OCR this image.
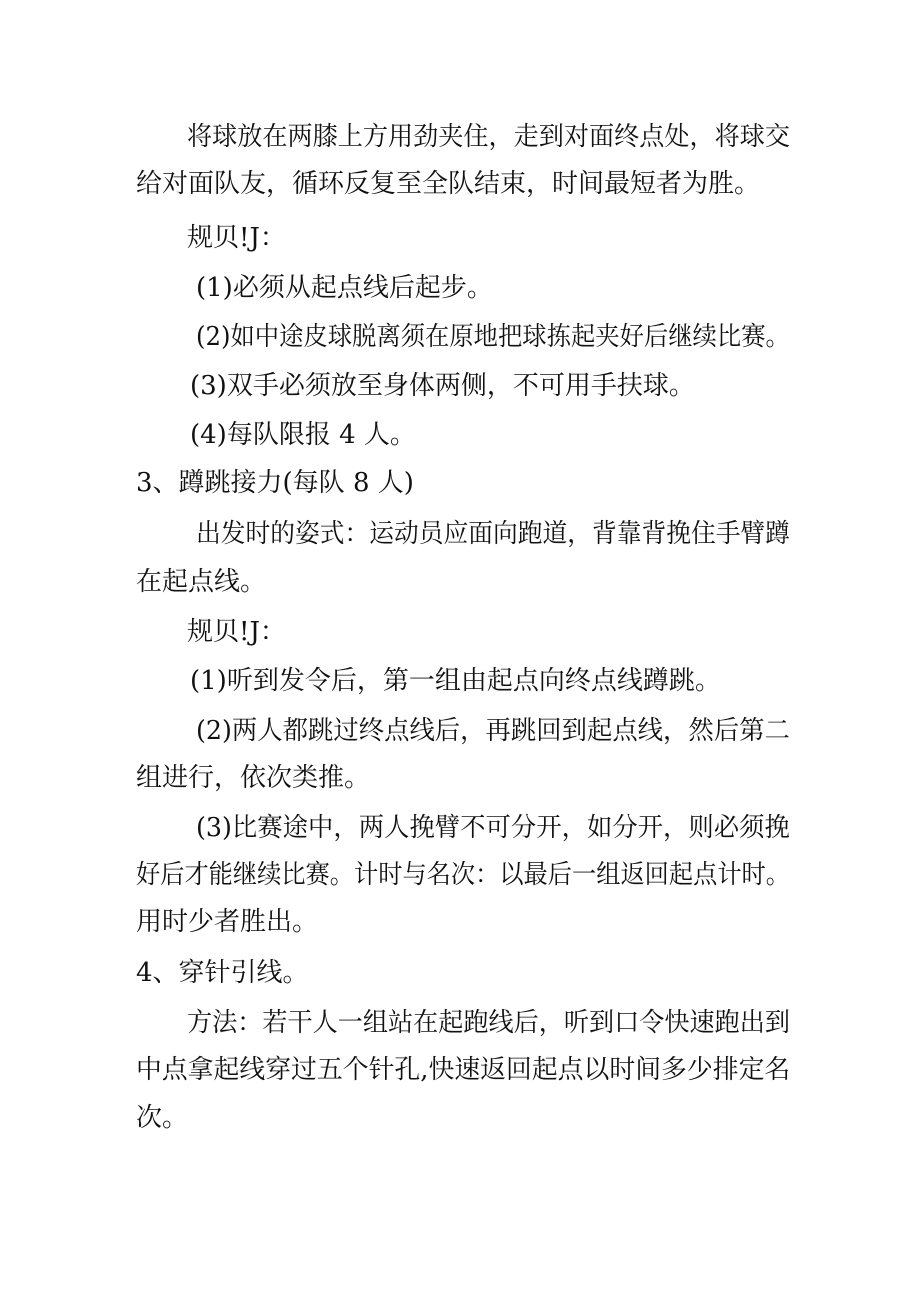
将球放在两膝上方用劲夹住，走到对面终点处，将球交
给对面队友，循环反复至全队结束，时间最短者为胜。
规贝!J：
(1)必须从起点线后起步。
(2)如中途皮球脱离须在原地把球拣起夹好后继续比赛。
(3)双手必须放至身体两侧，不可用手扶球。
(4)每队限报 4 人。
3、蹲跳接力(每队 8 人)
出发时的姿式：运动员应面向跑道，背靠背挽住手臂蹲
在起点线。
规贝!J：
(1)听到发令后，第一组由起点向终点线蹲跳。
(2)两人都跳过终点线后，再跳回到起点线，然后第二
组进行，依次类推。
(3)比赛途中，两人挽臂不可分开，如分开，则必须挽
好后才能继续比赛。计时与名次：以最后一组返回起点计时。
用时少者胜出。
4、穿针引线。
方法：若干人一组站在起跑线后，听到口令快速跑出到
中点拿起线穿过五个针孔,快速返回起点以时间多少排定名
次。
